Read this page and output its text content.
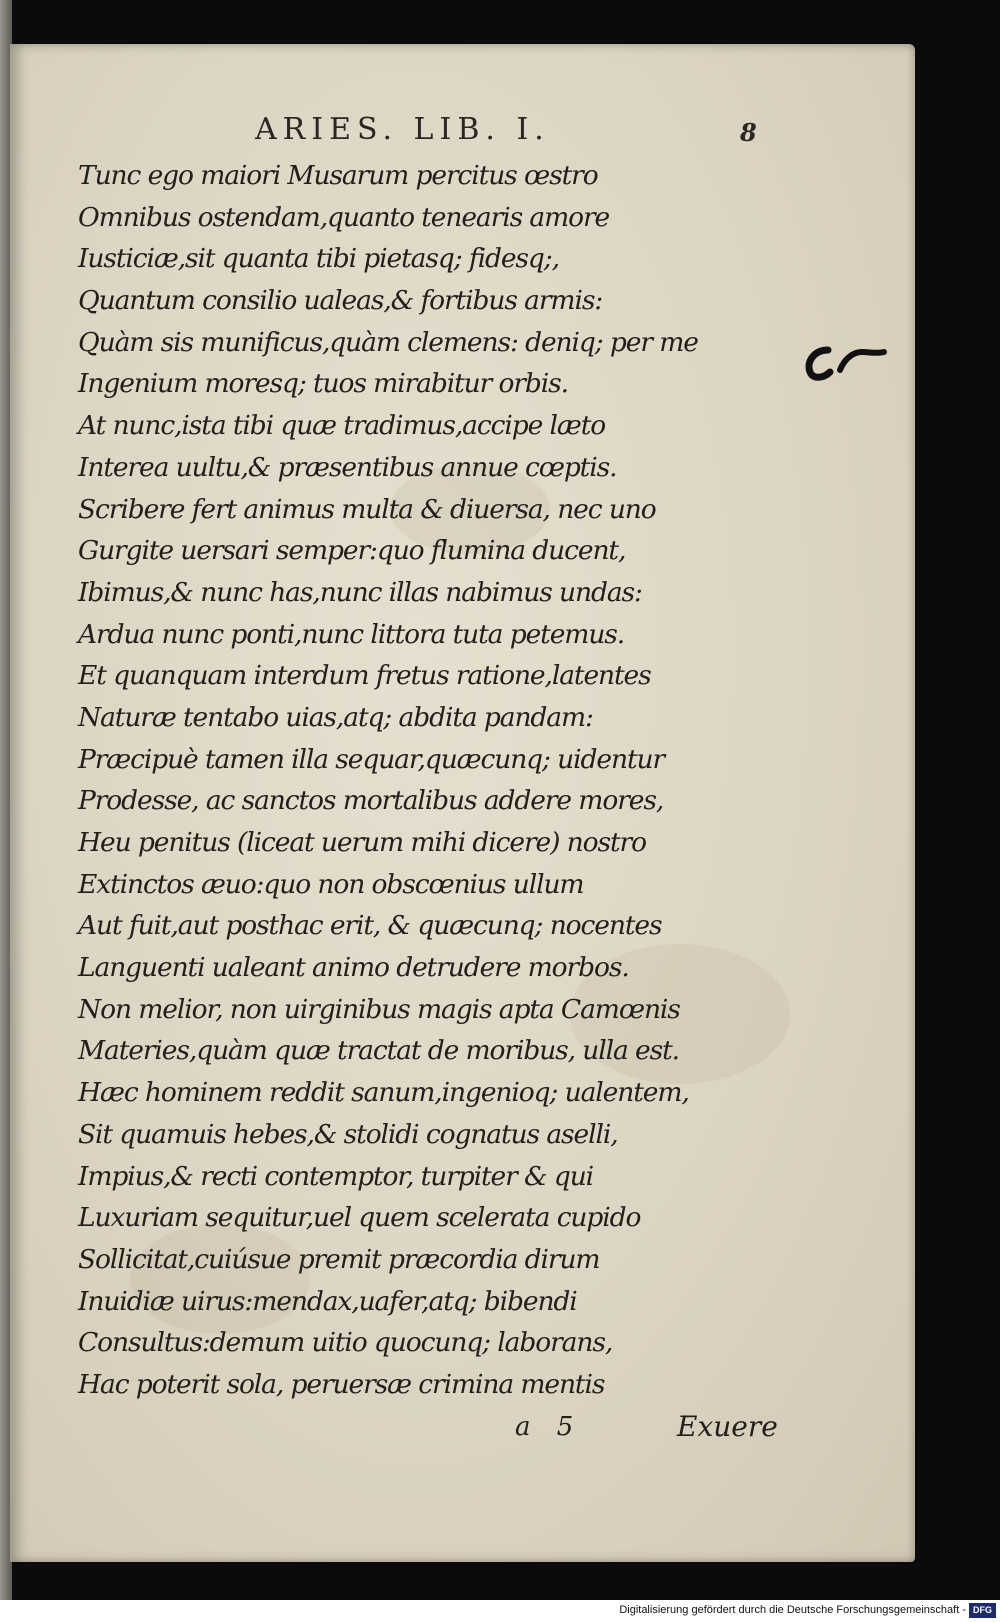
ARIES. LIB. I.	8
Tunc ego maiori Musarum percitus œstro
Omnibus ostendam,quanto tenearis amore
Iusticiæ,sit quanta tibi pietasq; fidesq;,
Quantum consilio ualeas,& fortibus armis:
Quàm sis munificus,quàm clemens: deniq; per me
Ingenium moresq; tuos mirabitur orbis.
At nunc,ista tibi quæ tradimus,accipe læto
Interea uultu,& præsentibus annue cœptis.
Scribere fert animus multa & diuersa, nec uno
Gurgite uersari semper:quo flumina ducent,
Ibimus,& nunc has,nunc illas nabimus undas:
Ardua nunc ponti,nunc littora tuta petemus.
Et quanquam interdum fretus ratione,latentes
Naturæ tentabo uias,atq; abdita pandam:
Præcipuè tamen illa sequar,quæcunq; uidentur
Prodesse, ac sanctos mortalibus addere mores,
Heu penitus (liceat uerum mihi dicere) nostro
Extinctos æuo:quo non obscœnius ullum
Aut fuit,aut posthac erit, & quæcunq; nocentes
Languenti ualeant animo detrudere morbos.
Non melior, non uirginibus magis apta Camœnis
Materies,quàm quæ tractat de moribus, ulla est.
Hæc hominem reddit sanum,ingenioq; ualentem,
Sit quamuis hebes,& stolidi cognatus aselli,
Impius,& recti contemptor, turpiter & qui
Luxuriam sequitur,uel quem scelerata cupido
Sollicitat,cuiúsue premit præcordia dirum
Inuidiæ uirus:mendax,uafer,atq; bibendi
Consultus:demum uitio quocunq; laborans,
Hac poterit sola, peruersæ crimina mentis
a 5	Exuere
Digitalisierung gefördert durch die Deutsche Forschungsgemeinschaft - DFG
